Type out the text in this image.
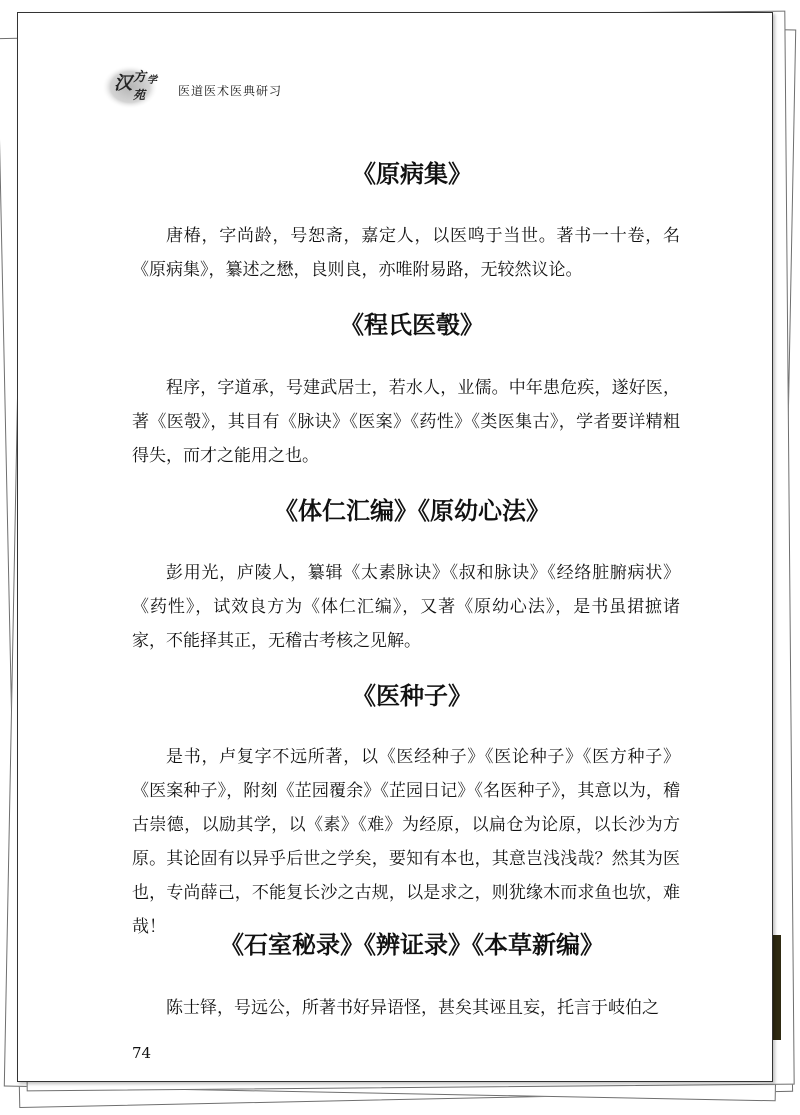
汉 方 学
苑	医道医术医典研习
《原病集》

唐椿，字尚龄，号恕斋，嘉定人，以医鸣于当世。著书一十卷，名《原病集》，纂述之懋，良则良，亦唯附易路，无较然议论。

《程氏医彀》

程序，字道承，号建武居士，若水人，业儒。中年患危疾，遂好医，著《医彀》，其目有《脉诀》《医案》《药性》《类医集古》，学者要详精粗得失，而才之能用之也。

《体仁汇编》《原幼心法》

彭用光，庐陵人，纂辑《太素脉诀》《叔和脉诀》《经络脏腑病状》《药性》，试效良方为《体仁汇编》，又著《原幼心法》，是书虽捃摭诸家，不能择其正，无稽古考核之见解。

《医种子》

是书，卢复字不远所著，以《医经种子》《医论种子》《医方种子》《医案种子》，附刻《芷园覆余》《芷园日记》《名医种子》，其意以为，稽古崇德，以励其学，以《素》《难》为经原，以扁仓为论原，以长沙为方原。其论固有以异乎后世之学矣，要知有本也，其意岂浅浅哉？然其为医也，专尚薛己，不能复长沙之古规，以是求之，则犹缘木而求鱼也欤，难哉！

《石室秘录》《辨证录》《本草新编》

陈士铎，号远公，所著书好异语怪，甚矣其诬且妄，托言于岐伯之

74
